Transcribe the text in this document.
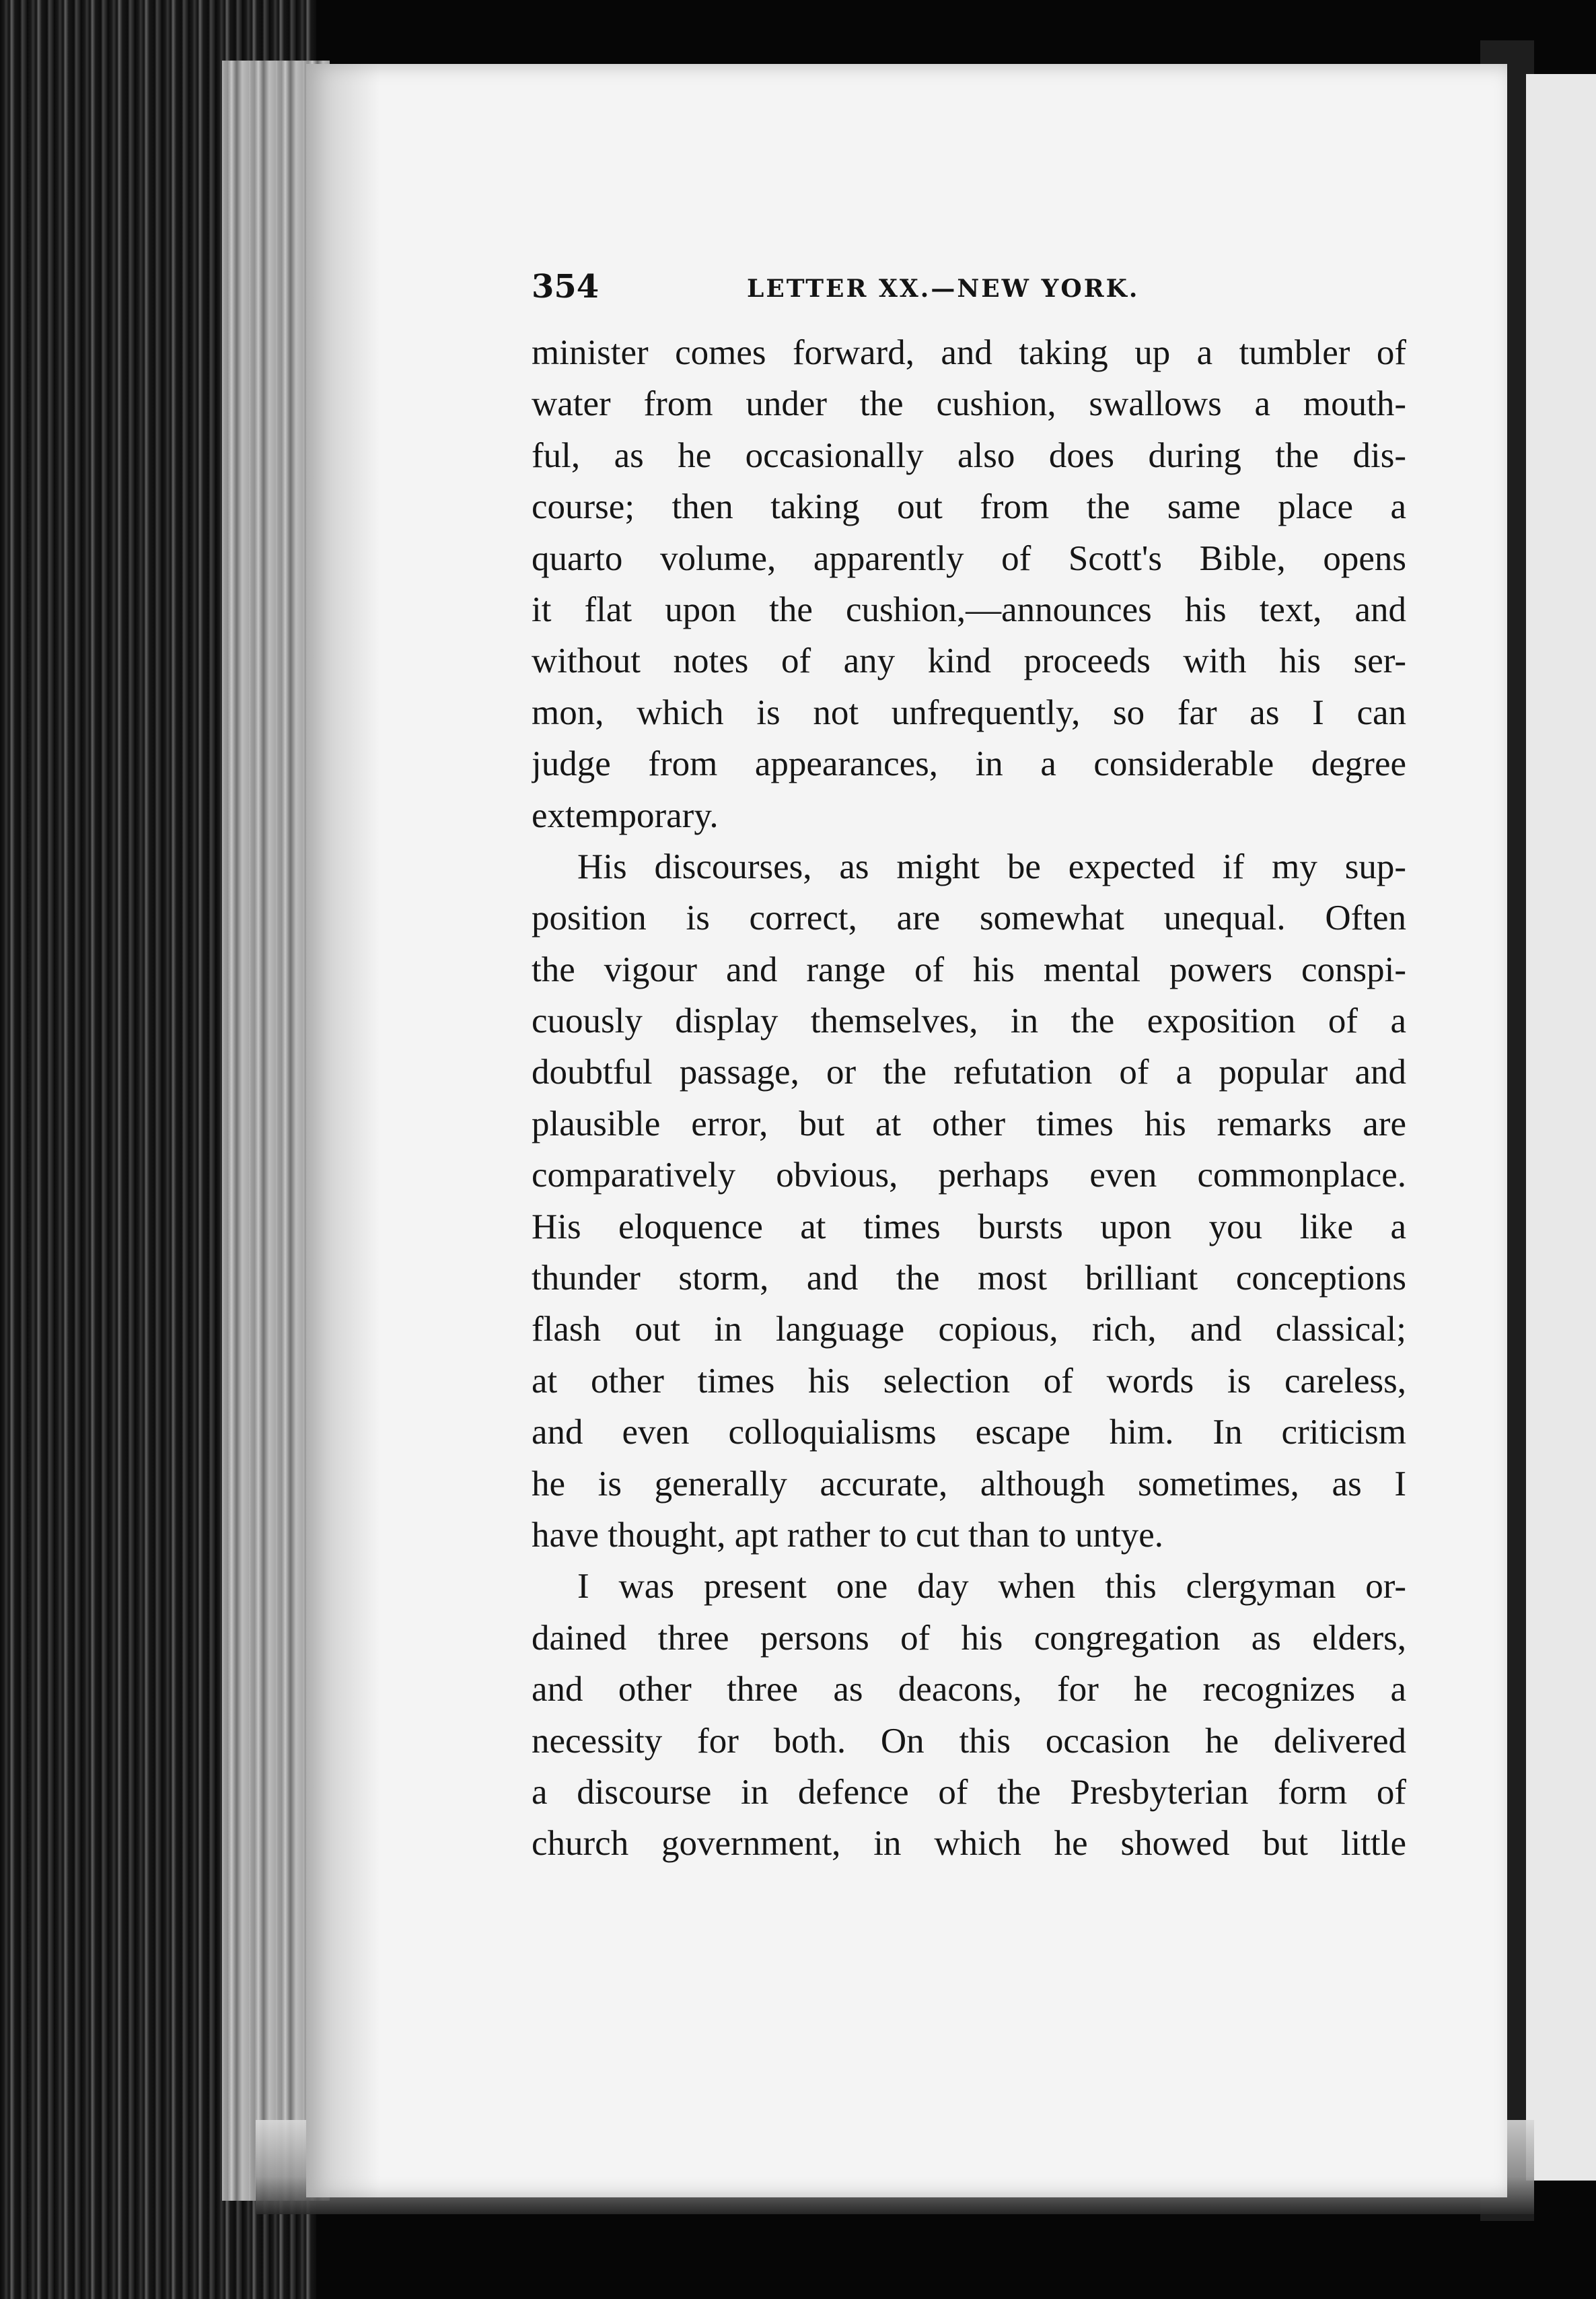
354	LETTER XX.—NEW YORK.
minister comes forward, and taking up a tumbler of
water from under the cushion, swallows a mouth-
ful, as he occasionally also does during the dis-
course; then taking out from the same place a
quarto volume, apparently of Scott's Bible, opens
it flat upon the cushion,—announces his text, and
without notes of any kind proceeds with his ser-
mon, which is not unfrequently, so far as I can
judge from appearances, in a considerable degree
extemporary.
His discourses, as might be expected if my sup-
position is correct, are somewhat unequal. Often
the vigour and range of his mental powers conspi-
cuously display themselves, in the exposition of a
doubtful passage, or the refutation of a popular and
plausible error, but at other times his remarks are
comparatively obvious, perhaps even commonplace.
His eloquence at times bursts upon you like a
thunder storm, and the most brilliant conceptions
flash out in language copious, rich, and classical;
at other times his selection of words is careless,
and even colloquialisms escape him. In criticism
he is generally accurate, although sometimes, as I
have thought, apt rather to cut than to untye.
I was present one day when this clergyman or-
dained three persons of his congregation as elders,
and other three as deacons, for he recognizes a
necessity for both. On this occasion he delivered
a discourse in defence of the Presbyterian form of
church government, in which he showed but little
